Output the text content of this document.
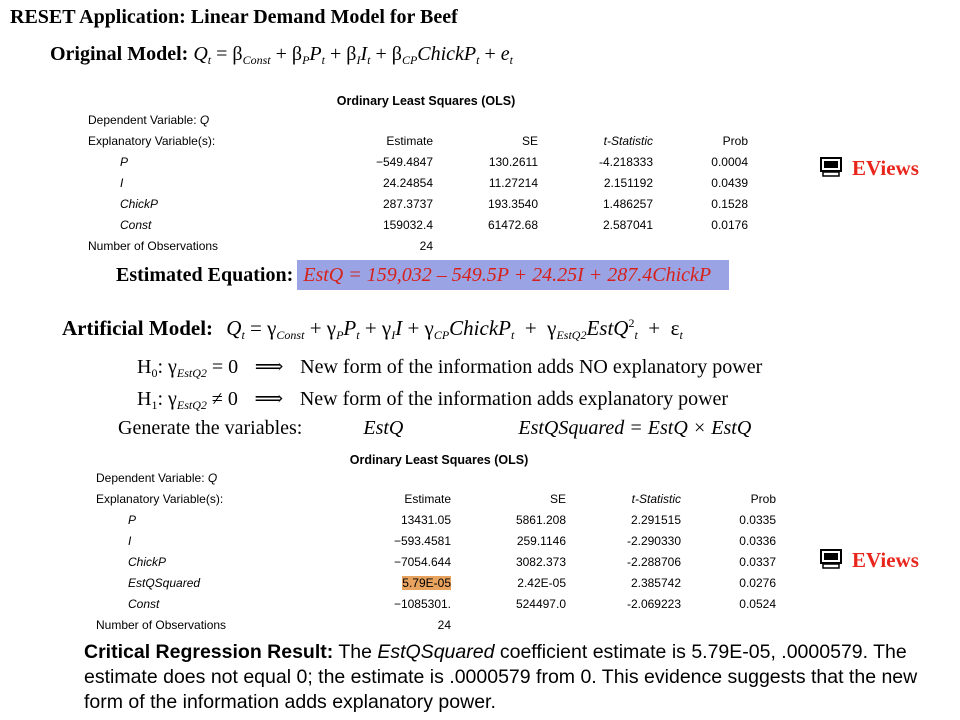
RESET Application: Linear Demand Model for Beef
Original Model: $Q_t = \beta_{Const} + \beta_PP_t + \beta_II_t$ + $\beta_{CP}ChickP_t + e_t$
Ordinary Least Squares (OLS)
Dependent Variable: Q				
Explanatory Variable(s):	Estimate	SE	t-Statistic	Prob
P	−549.4847	130.2611	-4.218333	0.0004
I	24.24854	11.27214	2.151192	0.0439
ChickP	287.3737	193.3540	1.486257	0.1528
Const	159032.4	61472.68	2.587041	0.0176
Number of Observations	24			
EViews
Estimated Equation: EstQ = 159,032 – 549.5P + 24.25I + 287.4ChickP
Artificial Model: $Q_t = \gamma_{Const} + \gamma_PP_t + \gamma_II$ + $\gamma_{CP}ChickP_t$  +  $\gamma_{EstQ2}EstQ^2_t + \varepsilon_t$
$H_0$: $\gamma_{EstQ2} = 0$ ⟹ New form of the information adds NO explanatory power
$H_1$: $\gamma_{EstQ2} \ne 0$ ⟹ New form of the information adds explanatory power
Generate the variables:	EstQ	EstQSquared = EstQ × EstQ
Ordinary Least Squares (OLS)
Dependent Variable: Q				
Explanatory Variable(s):	Estimate	SE	t-Statistic	Prob
P	13431.05	5861.208	2.291515	0.0335
I	−593.4581	259.1146	-2.290330	0.0336
ChickP	−7054.644	3082.373	-2.288706	0.0337
EstQSquared	5.79E-05	2.42E-05	2.385742	0.0276
Const	−1085301.	524497.0	-2.069223	0.0524
Number of Observations	24			
EViews
Critical Regression Result: The EstQSquared coefficient estimate is 5.79E-05, .0000579. The estimate does not equal 0; the estimate is .0000579 from 0. This evidence suggests that the new form of the information adds explanatory power.
